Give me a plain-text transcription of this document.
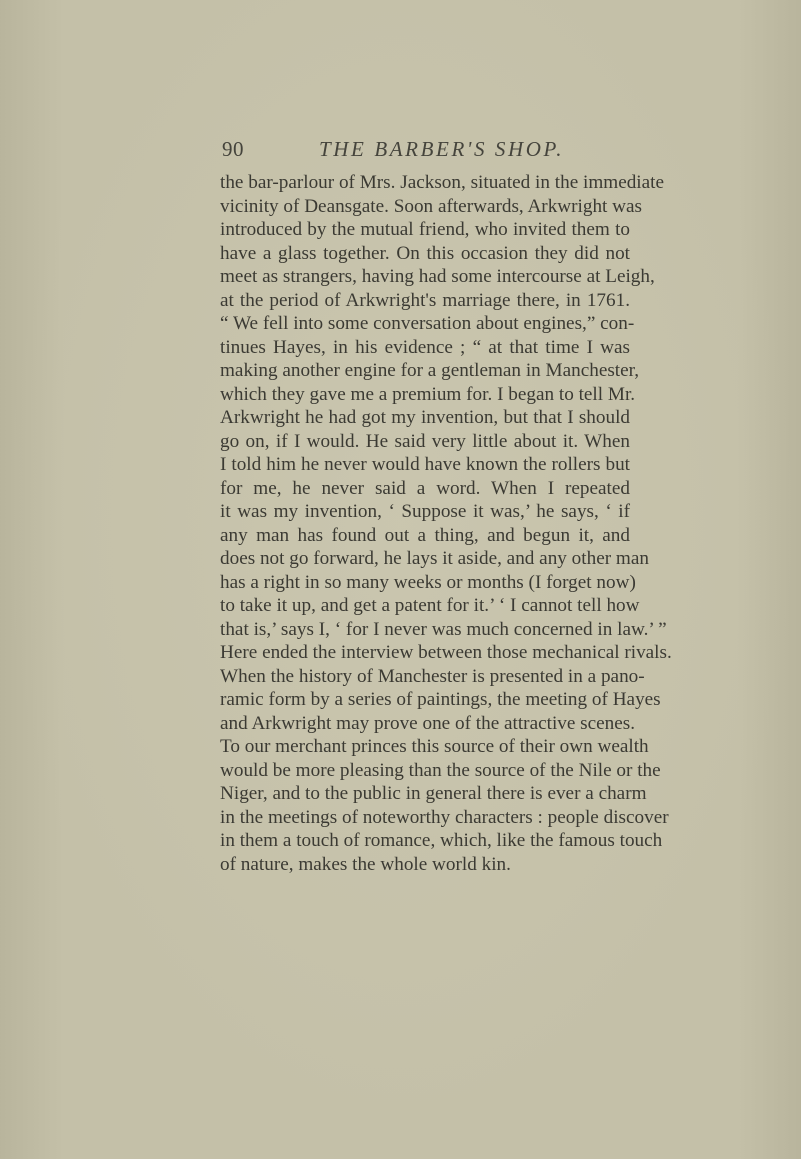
90	THE BARBER'S SHOP.
the bar-parlour of Mrs. Jackson, situated in the immediate
vicinity of Deansgate. Soon afterwards, Arkwright was
introduced by the mutual friend, who invited them to
have a glass together. On this occasion they did not
meet as strangers, having had some intercourse at Leigh,
at the period of Arkwright's marriage there, in 1761.
“ We fell into some conversation about engines,” con-
tinues Hayes, in his evidence ; “ at that time I was
making another engine for a gentleman in Manchester,
which they gave me a premium for. I began to tell Mr.
Arkwright he had got my invention, but that I should
go on, if I would. He said very little about it. When
I told him he never would have known the rollers but
for me, he never said a word. When I repeated
it was my invention, ‘ Suppose it was,’ he says, ‘ if
any man has found out a thing, and begun it, and
does not go forward, he lays it aside, and any other man
has a right in so many weeks or months (I forget now)
to take it up, and get a patent for it.’ ‘ I cannot tell how
that is,’ says I, ‘ for I never was much concerned in law.’ ”
Here ended the interview between those mechanical rivals.
When the history of Manchester is presented in a pano-
ramic form by a series of paintings, the meeting of Hayes
and Arkwright may prove one of the attractive scenes.
To our merchant princes this source of their own wealth
would be more pleasing than the source of the Nile or the
Niger, and to the public in general there is ever a charm
in the meetings of noteworthy characters : people discover
in them a touch of romance, which, like the famous touch
of nature, makes the whole world kin.
